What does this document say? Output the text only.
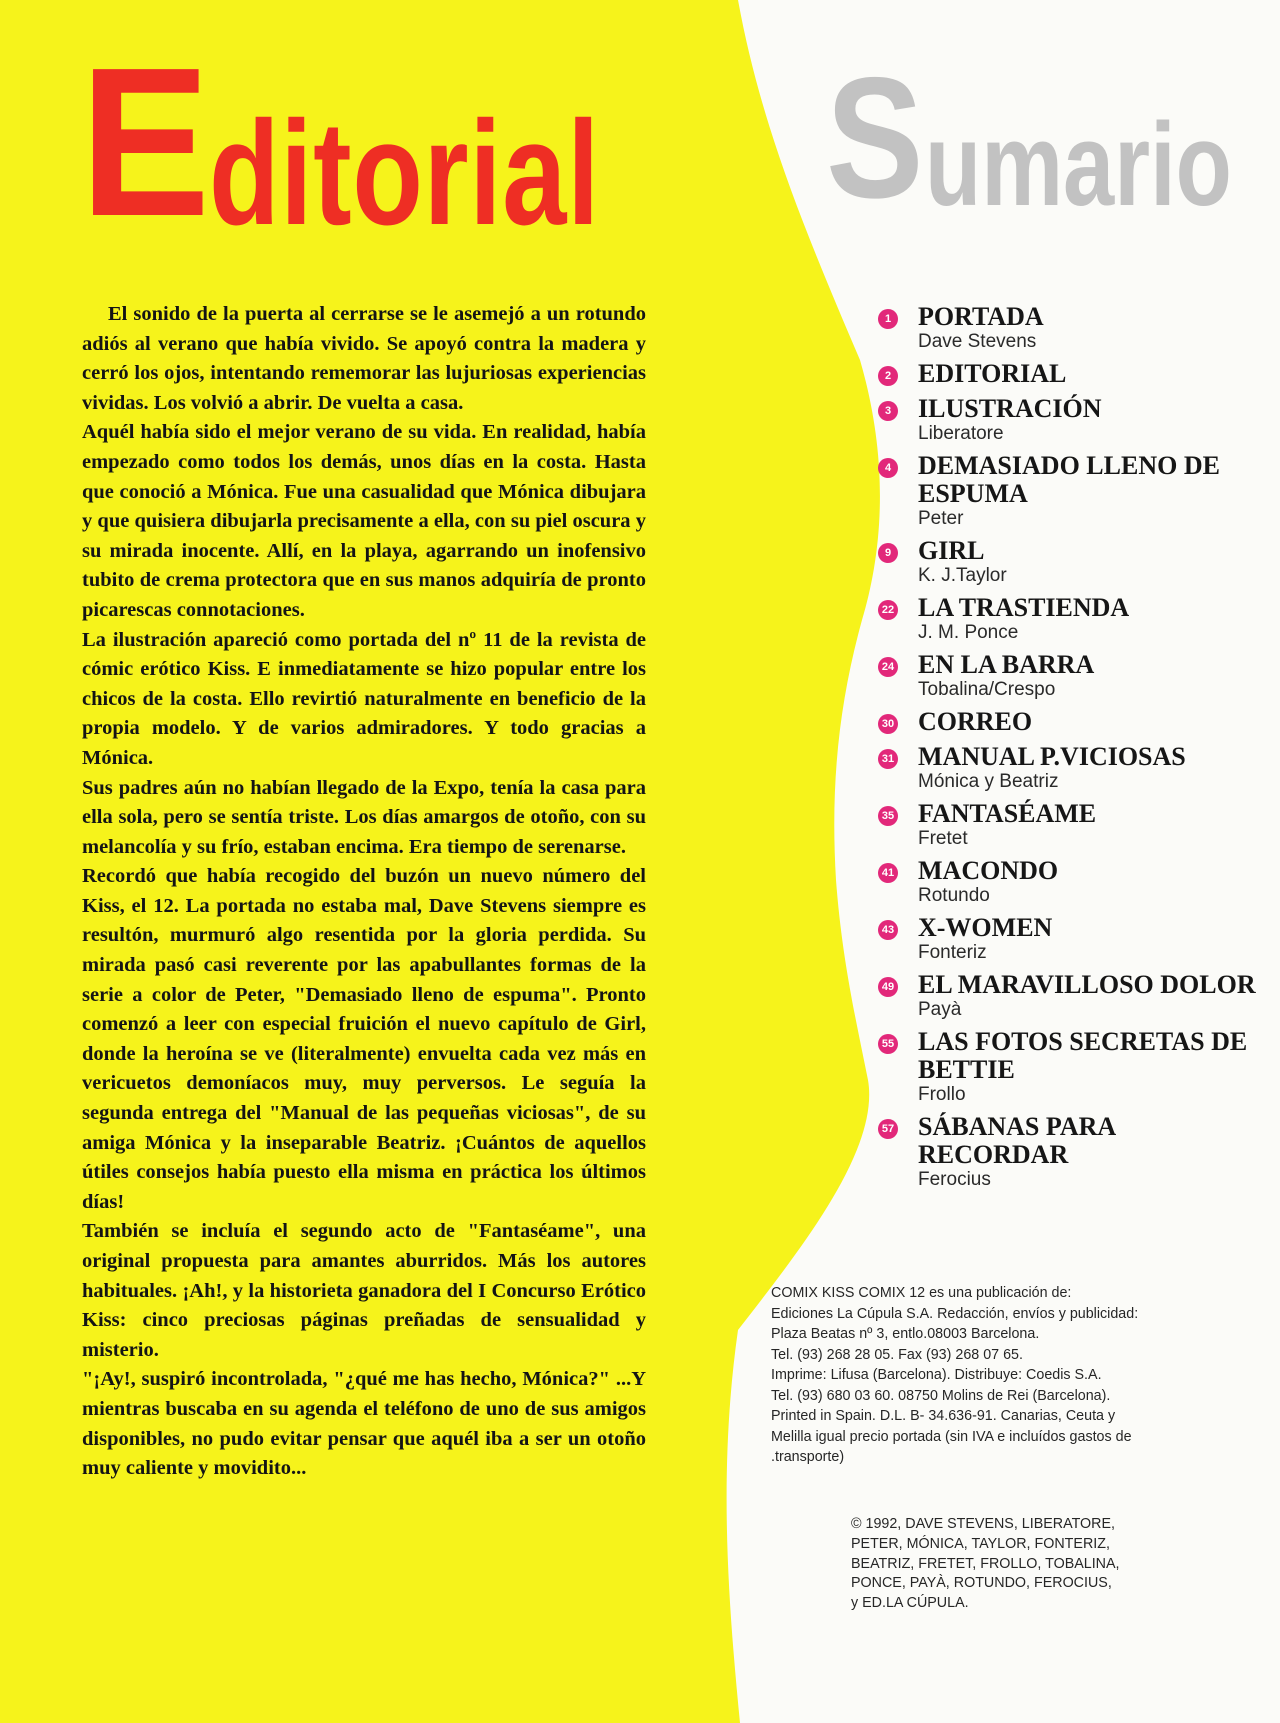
Editorial

El sonido de la puerta al cerrarse se le asemejó a un rotundo adiós al verano que había vivido. Se apoyó contra la madera y cerró los ojos, intentando rememorar las lujuriosas experiencias vividas. Los volvió a abrir. De vuelta a casa.

Aquél había sido el mejor verano de su vida. En realidad, había empezado como todos los demás, unos días en la costa. Hasta que conoció a Mónica. Fue una casualidad que Mónica dibujara y que quisiera dibujarla precisamente a ella, con su piel oscura y su mirada inocente. Allí, en la playa, agarrando un inofensivo tubito de crema protectora que en sus manos adquiría de pronto picarescas connotaciones.

La ilustración apareció como portada del nº 11 de la revista de cómic erótico Kiss. E inmediatamente se hizo popular entre los chicos de la costa. Ello revirtió naturalmente en beneficio de la propia modelo. Y de varios admiradores. Y todo gracias a Mónica.

Sus padres aún no habían llegado de la Expo, tenía la casa para ella sola, pero se sentía triste. Los días amargos de otoño, con su melancolía y su frío, estaban encima. Era tiempo de serenarse.

Recordó que había recogido del buzón un nuevo número del Kiss, el 12. La portada no estaba mal, Dave Stevens siempre es resultón, murmuró algo resentida por la gloria perdida. Su mirada pasó casi reverente por las apabullantes formas de la serie a color de Peter, "Demasiado lleno de espuma". Pronto comenzó a leer con especial fruición el nuevo capítulo de Girl, donde la heroína se ve (literalmente) envuelta cada vez más en vericuetos demoníacos muy, muy perversos. Le seguía la segunda entrega del "Manual de las pequeñas viciosas", de su amiga Mónica y la inseparable Beatriz. ¡Cuántos de aquellos útiles consejos había puesto ella misma en práctica los últimos días!

También se incluía el segundo acto de "Fantaséame", una original propuesta para amantes aburridos. Más los autores habituales. ¡Ah!, y la historieta ganadora del I Concurso Erótico Kiss: cinco preciosas páginas preñadas de sensualidad y misterio.

"¡Ay!, suspiró incontrolada, "¿qué me has hecho, Mónica?" ...Y mientras buscaba en su agenda el teléfono de uno de sus amigos disponibles, no pudo evitar pensar que aquél iba a ser un otoño muy caliente y movidito...

Sumario
1 PORTADA
Dave Stevens
2 EDITORIAL
3 ILUSTRACIÓN
Liberatore
4 DEMASIADO LLENO DE ESPUMA
Peter
9 GIRL
K. J.Taylor
22 LA TRASTIENDA
J. M. Ponce
24 EN LA BARRA
Tobalina/Crespo
30 CORREO
31 MANUAL P.VICIOSAS
Mónica y Beatriz
35 FANTASÉAME
Fretet
41 MACONDO
Rotundo
43 X-WOMEN
Fonteriz
49 EL MARAVILLOSO DOLOR
Payà
55 LAS FOTOS SECRETAS DE BETTIE
Frollo
57 SÁBANAS PARA RECORDAR
Ferocius

COMIX KISS COMIX 12 es una publicación de:

Ediciones La Cúpula S.A. Redacción, envíos y publicidad:

Plaza Beatas nº 3, entlo.08003 Barcelona.

Tel. (93) 268 28 05. Fax (93) 268 07 65.

Imprime: Lifusa (Barcelona). Distribuye: Coedis S.A.

Tel. (93) 680 03 60. 08750 Molins de Rei (Barcelona).

Printed in Spain. D.L. B- 34.636-91. Canarias, Ceuta y

Melilla igual precio portada (sin IVA e incluídos gastos de

.transporte)

© 1992, DAVE STEVENS, LIBERATORE,

PETER, MÓNICA, TAYLOR, FONTERIZ,

BEATRIZ, FRETET, FROLLO, TOBALINA,

PONCE, PAYÀ, ROTUNDO, FEROCIUS,

y ED.LA CÚPULA.
